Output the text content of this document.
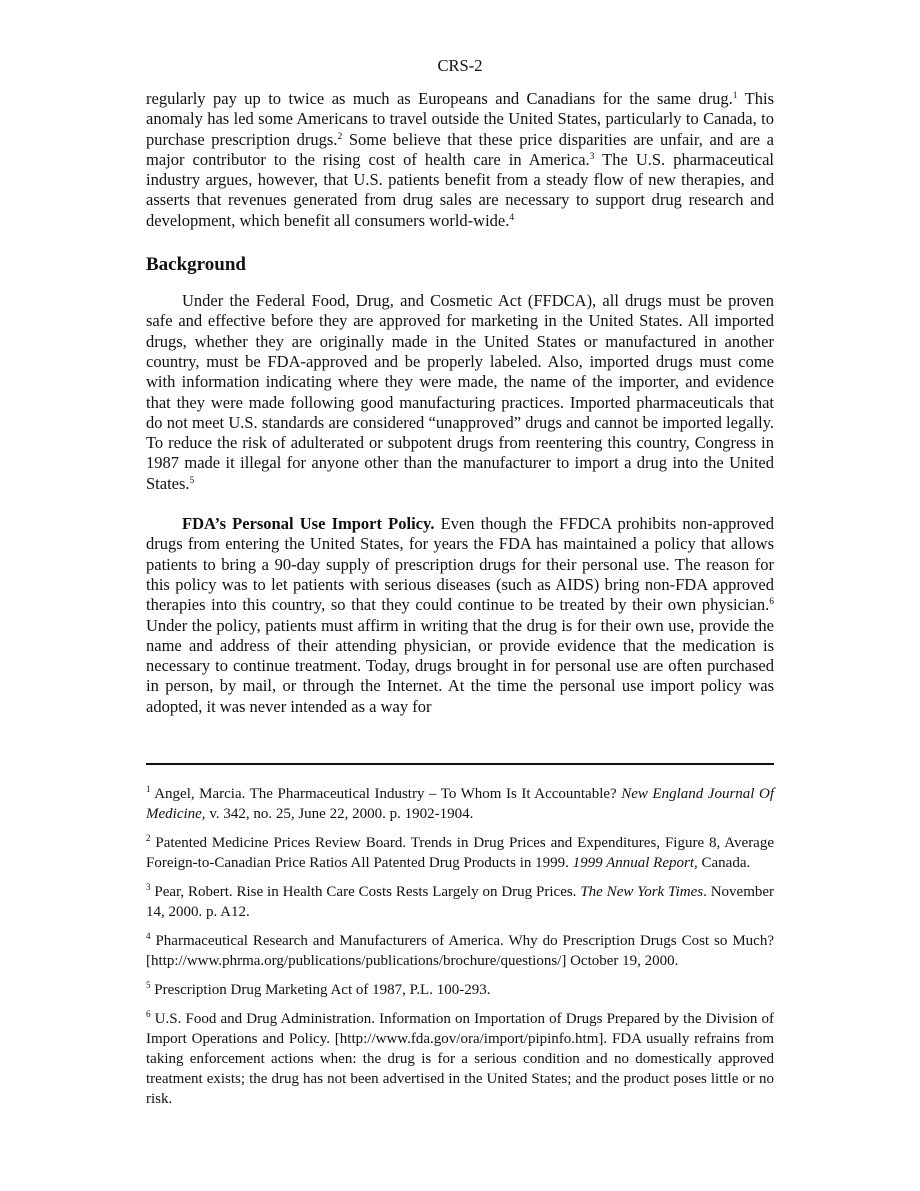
CRS-2

regularly pay up to twice as much as Europeans and Canadians for the same drug.$^1$ This anomaly has led some Americans to travel outside the United States, particularly to Canada, to purchase prescription drugs.$^2$ Some believe that these price disparities are unfair, and are a major contributor to the rising cost of health care in America.$^3$ The U.S. pharmaceutical industry argues, however, that U.S. patients benefit from a steady flow of new therapies, and asserts that revenues generated from drug sales are necessary to support drug research and development, which benefit all consumers world-wide.$^4$

Background

Under the Federal Food, Drug, and Cosmetic Act (FFDCA), all drugs must be proven safe and effective before they are approved for marketing in the United States. All imported drugs, whether they are originally made in the United States or manufactured in another country, must be FDA-approved and be properly labeled. Also, imported drugs must come with information indicating where they were made, the name of the importer, and evidence that they were made following good manufacturing practices. Imported pharmaceuticals that do not meet U.S. standards are considered “unapproved” drugs and cannot be imported legally. To reduce the risk of adulterated or subpotent drugs from reentering this country, Congress in 1987 made it illegal for anyone other than the manufacturer to import a drug into the United States.$^5$

FDA’s Personal Use Import Policy. Even though the FFDCA prohibits non-approved drugs from entering the United States, for years the FDA has maintained a policy that allows patients to bring a 90-day supply of prescription drugs for their personal use. The reason for this policy was to let patients with serious diseases (such as AIDS) bring non-FDA approved therapies into this country, so that they could continue to be treated by their own physician.$^6$ Under the policy, patients must affirm in writing that the drug is for their own use, provide the name and address of their attending physician, or provide evidence that the medication is necessary to continue treatment. Today, drugs brought in for personal use are often purchased in person, by mail, or through the Internet. At the time the personal use import policy was adopted, it was never intended as a way for

$^1$ Angel, Marcia. The Pharmaceutical Industry – To Whom Is It Accountable? New England Journal Of Medicine, v. 342, no. 25, June 22, 2000. p. 1902-1904.

$^2$ Patented Medicine Prices Review Board. Trends in Drug Prices and Expenditures, Figure 8, Average Foreign-to-Canadian Price Ratios All Patented Drug Products in 1999. 1999 Annual Report, Canada.

$^3$ Pear, Robert. Rise in Health Care Costs Rests Largely on Drug Prices. The New York Times. November 14, 2000. p. A12.

$^4$ Pharmaceutical Research and Manufacturers of America. Why do Prescription Drugs Cost so Much? [http://www.phrma.org/publications/publications/brochure/questions/] October 19, 2000.

$^5$ Prescription Drug Marketing Act of 1987, P.L. 100-293.

$^6$ U.S. Food and Drug Administration. Information on Importation of Drugs Prepared by the Division of Import Operations and Policy. [http://www.fda.gov/ora/import/pipinfo.htm]. FDA usually refrains from taking enforcement actions when: the drug is for a serious condition and no domestically approved treatment exists; the drug has not been advertised in the United States; and the product poses little or no risk.
